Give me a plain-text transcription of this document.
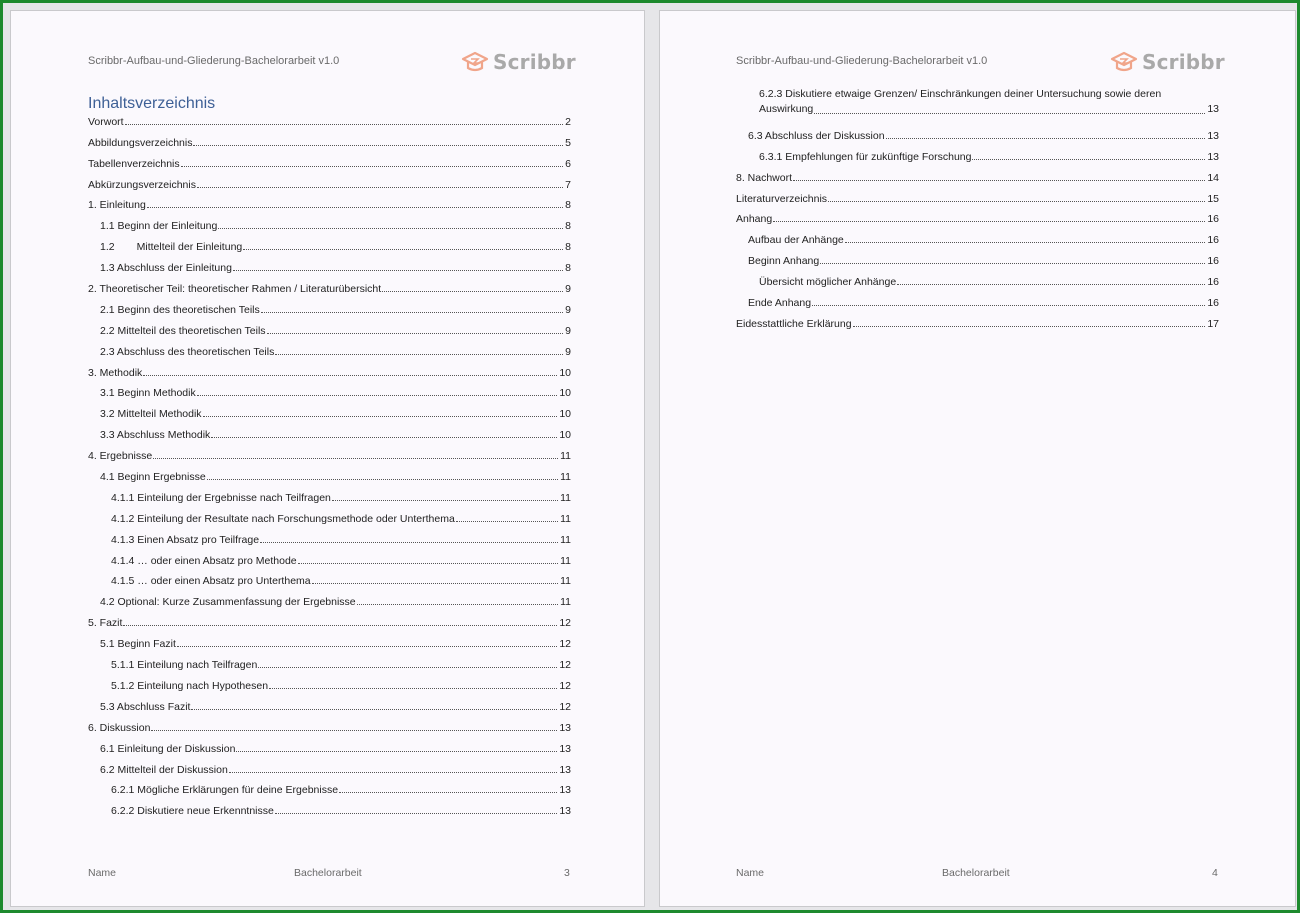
Scribbr-Aufbau-und-Gliederung-Bachelorarbeit v1.0	Scribbr
Inhaltsverzeichnis
Vorwort	2
Abbildungsverzeichnis	5
Tabellenverzeichnis	6
Abkürzungsverzeichnis	7
1. Einleitung	8
1.1 Beginn der Einleitung	8
1.2 Mittelteil der Einleitung	8
1.3 Abschluss der Einleitung	8
2. Theoretischer Teil: theoretischer Rahmen / Literaturübersicht	9
2.1 Beginn des theoretischen Teils	9
2.2 Mittelteil des theoretischen Teils	9
2.3 Abschluss des theoretischen Teils	9
3. Methodik	10
3.1 Beginn Methodik	10
3.2 Mittelteil Methodik	10
3.3 Abschluss Methodik	10
4. Ergebnisse	11
4.1 Beginn Ergebnisse	11
4.1.1 Einteilung der Ergebnisse nach Teilfragen	11
4.1.2 Einteilung der Resultate nach Forschungsmethode oder Unterthema	11
4.1.3 Einen Absatz pro Teilfrage	11
4.1.4 … oder einen Absatz pro Methode	11
4.1.5 … oder einen Absatz pro Unterthema	11
4.2 Optional: Kurze Zusammenfassung der Ergebnisse	11
5. Fazit	12
5.1 Beginn Fazit	12
5.1.1 Einteilung nach Teilfragen	12
5.1.2 Einteilung nach Hypothesen	12
5.3 Abschluss Fazit	12
6. Diskussion	13
6.1 Einleitung der Diskussion	13
6.2 Mittelteil der Diskussion	13
6.2.1 Mögliche Erklärungen für deine Ergebnisse	13
6.2.2 Diskutiere neue Erkenntnisse	13
Name	Bachelorarbeit	3
Scribbr-Aufbau-und-Gliederung-Bachelorarbeit v1.0	Scribbr
6.2.3 Diskutiere etwaige Grenzen/ Einschränkungen deiner Untersuchung sowie deren
Auswirkung	13
6.3 Abschluss der Diskussion	13
6.3.1 Empfehlungen für zukünftige Forschung	13
8. Nachwort	14
Literaturverzeichnis	15
Anhang	16
Aufbau der Anhänge	16
Beginn Anhang	16
Übersicht möglicher Anhänge	16
Ende Anhang	16
Eidesstattliche Erklärung	17
Name	Bachelorarbeit	4
